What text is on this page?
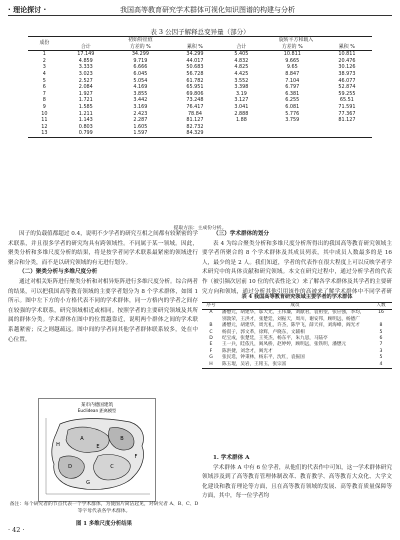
· 理论探讨 ·	我国高等教育研究学术群体可视化知识图谱的构建与分析
表 3 公因子解释总变异量（部分）
成份	初始特征值			旋转平方和载入		
	合计	方差的 %	累积 %	合计	方差的 %	累积 %
1	17.149	34.299	34.299	5.405	10.811	10.811
2	4.859	9.719	44.017	4.832	9.665	20.476
3	3.333	6.666	50.683	4.825	9.65	30.126
4	3.023	6.045	56.728	4.425	8.847	38.973
5	2.527	5.054	61.782	3.552	7.104	46.077
6	2.084	4.169	65.951	3.398	6.797	52.874
7	1.927	3.855	69.806	3.19	6.381	59.255
8	1.721	3.442	73.248	3.127	6.255	65.51
9	1.585	3.169	76.417	3.041	6.081	71.591
10	1.211	2.423	78.84	2.888	5.776	77.367
11	1.143	2.287	81.127	1.88	3.759	81.127
12	0.803	1.605	82.732			
13	0.799	1.597	84.329			
提取方法：主成份分析。

因子的负载值都超过 0.4，说明不少学者的研究互相之间都有较紧密的学术联系，并且很多学者的研究均具有跨领域性。不同属于某一领域。因此，聚类分析和多维尺度分析的结果，将是按学者同学术联系最紧密的领域进行聚合和分类，而不是以研究领域的有无进行划分。

（二）聚类分析与多维尺度分析

通过对相关矩阵进行聚类分析和对相异矩阵进行多维尺度分析。综合两者的结果，可以把我国高等教育领域的主要学者划分为 8 个学术群体，如图 1 所示。图中左下方的小方格代表不同的学术群体，同一方格内的学者之间存在较强的学术联系，研究领域相近或相同。按照学者的主要研究领域及其所属的群体分类。学术群体在图中的位置越靠近，说明两个群体之间的学术联系越紧密；反之则越疏远。图中间的学者同其他学者群体联系较多，处在中心位置。

某市内德国建筑
Euclidean 距离模型
A	B
C
D
E
F
G
H
备注：每个研究者的节点代表一个学术群体，为使图片简洁起见，对研究者 A、B、C、D 等字母代表各学术群体。
图 1 多维尺度分析结果

（三）学术群体的划分

表 4 为综合聚类分析和多维尺度分析所得出的我国高等教育研究领域主要学者所聚合的 8 个学术群体及其成员列表，其中成员人数最多的是 16 人，最少的是 2 人。我们知道，学者的代表作在很大程度上可以反映学者学术研究中的具体贡献和研究领域。本文在研究过程中，通过分析学者的代表作（被引频次居前 10 位的代表性论文）来了解各学术群体及其学者的主要研究方向和领域，通过分析其他引用该作的高被来了解学术群体中不同学者研

表 4 我国高等教育研究领域主要学者的学术群体
序号	成员	人数
A	潘懋元，胡建华，邬大光，王伟廉，刘献君，袁祖望，张应强，李均，别敦荣，王洪才，张楚廷，刘振天，周川，谢安邦，顾明远，杨德广	16
B	潘懋元，胡建华，周光礼，许杰，陈学飞，薛天祥，刘海峰，阎光才	8
C	杨叔子，郭文革，徐辉，卢晓东，文辅相	5
D	纪宝成，张楚廷，王英杰，杨东平，朱九思，马陆亭	6
E	王一兵，眭依凡，阎凤桥，赵婷婷，顾明远，张铁明，潘懋元	7
F	陈洪捷，刘念才，阎光才	3
G	张民选，钟秉林，杨东平，沈红，袁振国	5
H	陈玉琨，吴岩，王铭玉，张宗富	4

1. 学术群体 A

学术群体 A 中有 6 位学者，从他们的代表作中可知，这一学术群体研究领域涉及到了高等教育管理体制改革、教育教学、高等教育大众化、大学文化建设和教育理论等方面，且在高等教育领域的发展、高等教育质量保障等方面，其中，每一位学者均

· 42 ·
